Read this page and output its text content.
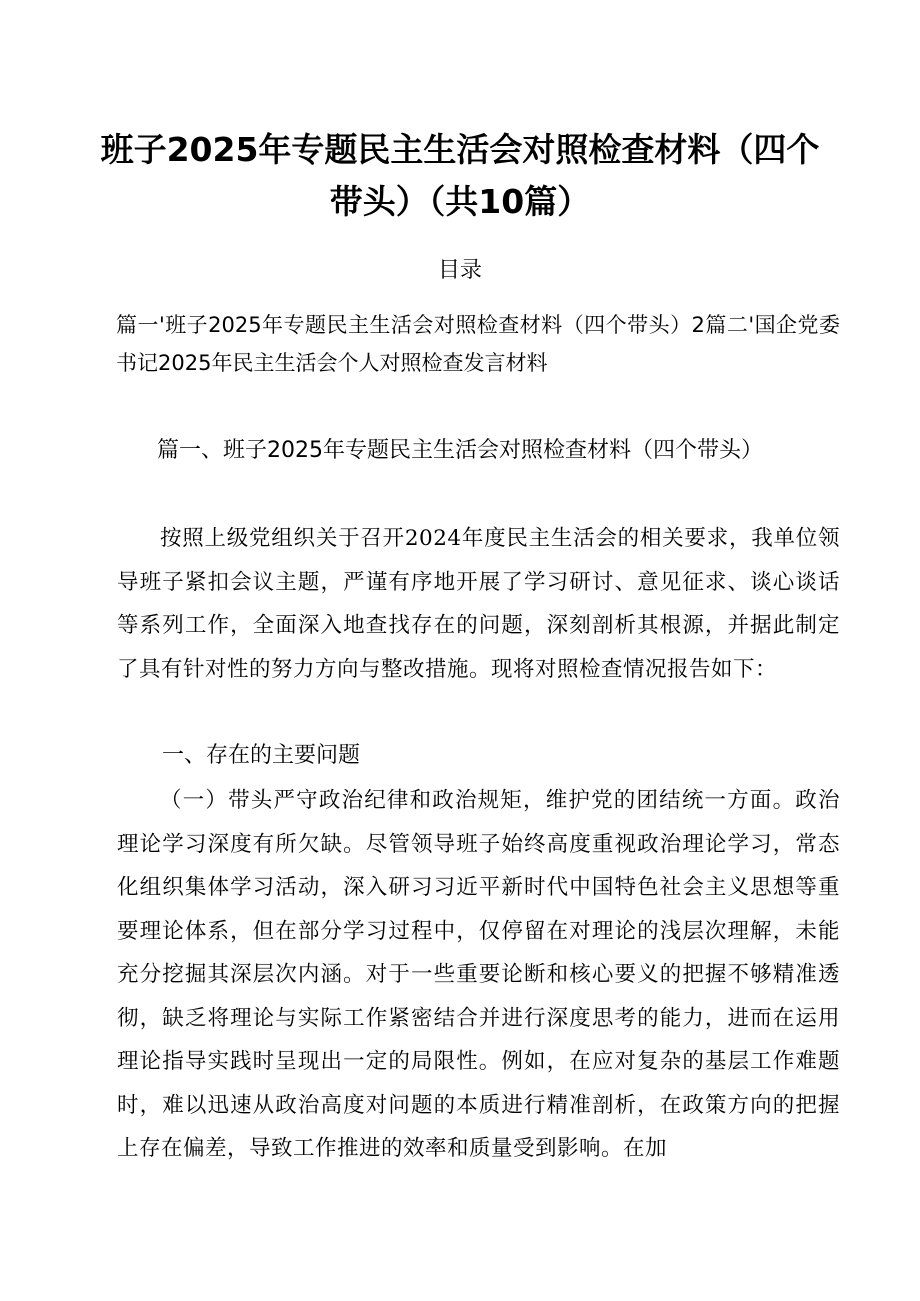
班子2025年专题民主生活会对照检查材料（四个带头）（共10篇）
目录
篇一'班子2025年专题民主生活会对照检查材料（四个带头）2篇二'国企党委书记2025年民主生活会个人对照检查发言材料
篇一、班子2025年专题民主生活会对照检查材料（四个带头）

按照上级党组织关于召开2024年度民主生活会的相关要求，我单位领导班子紧扣会议主题，严谨有序地开展了学习研讨、意见征求、谈心谈话等系列工作，全面深入地查找存在的问题，深刻剖析其根源，并据此制定了具有针对性的努力方向与整改措施。现将对照检查情况报告如下：

一、存在的主要问题

（一）带头严守政治纪律和政治规矩，维护党的团结统一方面。政治理论学习深度有所欠缺。尽管领导班子始终高度重视政治理论学习，常态化组织集体学习活动，深入研习习近平新时代中国特色社会主义思想等重要理论体系，但在部分学习过程中，仅停留在对理论的浅层次理解，未能充分挖掘其深层次内涵。对于一些重要论断和核心要义的把握不够精准透彻，缺乏将理论与实际工作紧密结合并进行深度思考的能力，进而在运用理论指导实践时呈现出一定的局限性。例如，在应对复杂的基层工作难题时，难以迅速从政治高度对问题的本质进行精准剖析，在政策方向的把握上存在偏差，导致工作推进的效率和质量受到影响。在加
